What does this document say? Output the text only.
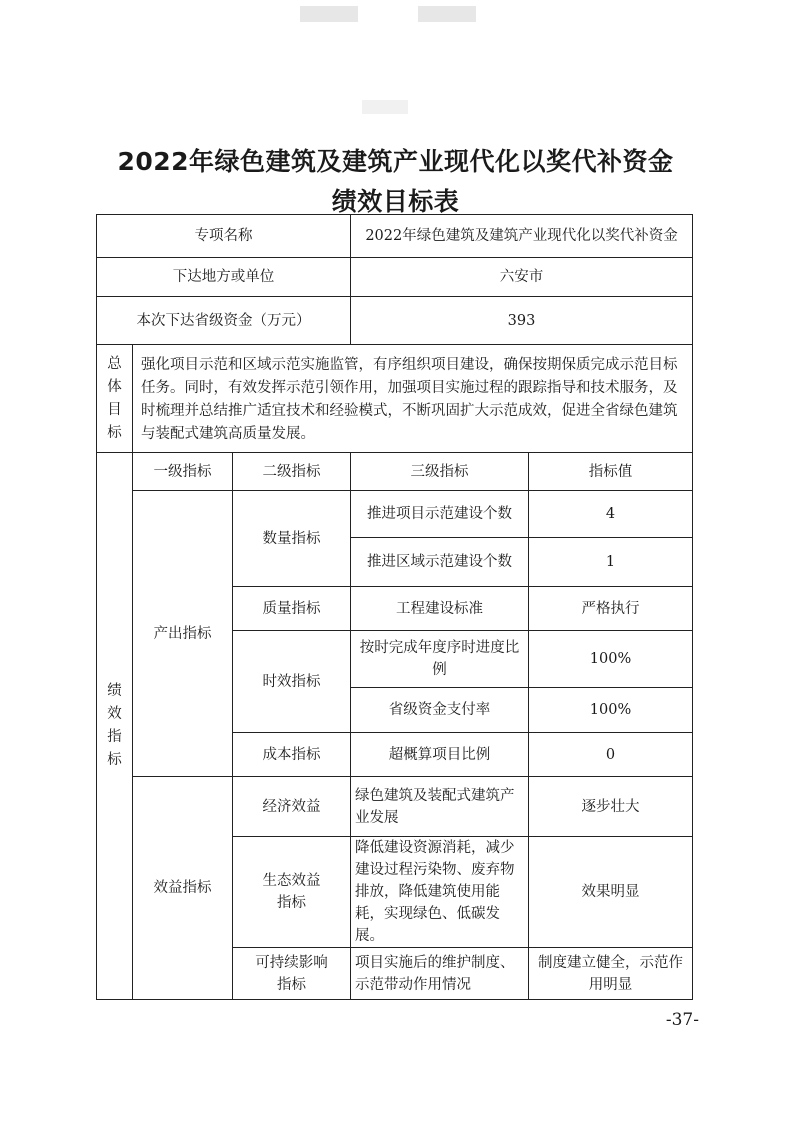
2022年绿色建筑及建筑产业现代化以奖代补资金
绩效目标表
专项名称			2022年绿色建筑及建筑产业现代化以奖代补资金	
下达地方或单位			六安市	
本次下达省级资金（万元）			393	
总体目标	强化项目示范和区域示范实施监管，有序组织项目建设，确保按期保质完成示范目标任务。同时，有效发挥示范引领作用，加强项目实施过程的跟踪指导和技术服务，及时梳理并总结推广适宜技术和经验模式，不断巩固扩大示范成效，促进全省绿色建筑与装配式建筑高质量发展。			
绩效指标	一级指标	二级指标	三级指标	指标值
	产出指标	数量指标	推进项目示范建设个数	4
			推进区域示范建设个数	1
		质量指标	工程建设标准	严格执行
		时效指标	按时完成年度序时进度比例	100%
			省级资金支付率	100%
		成本指标	超概算项目比例	0
	效益指标	经济效益	绿色建筑及装配式建筑产业发展	逐步壮大
		生态效益指标	降低建设资源消耗，减少建设过程污染物、废弃物排放，降低建筑使用能耗，实现绿色、低碳发展。	效果明显
		可持续影响指标	项目实施后的维护制度、示范带动作用情况	制度建立健全，示范作用明显
-37-
